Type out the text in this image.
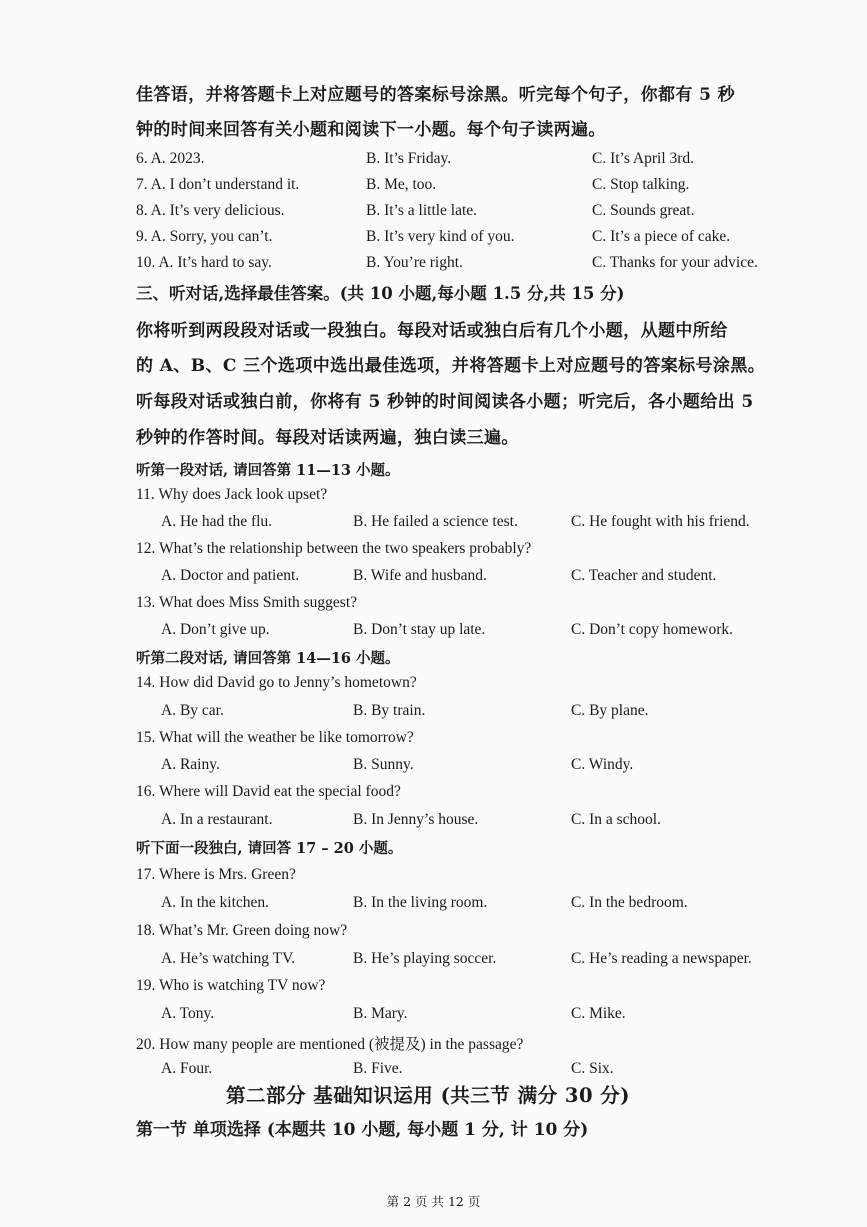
佳答语，并将答题卡上对应题号的答案标号涂黑。听完每个句子，你都有 5 秒
钟的时间来回答有关小题和阅读下一小题。每个句子读两遍。
6. A. 2023.	B. It’s Friday.	C. It’s April 3rd.
7. A. I don’t understand it.	B. Me, too.	C. Stop talking.
8. A. It’s very delicious.	B. It’s a little late.	C. Sounds great.
9. A. Sorry, you can’t.	B. It’s very kind of you.	C. It’s a piece of cake.
10. A. It’s hard to say.	B. You’re right.	C. Thanks for your advice.
三、听对话,选择最佳答案。(共 10 小题,每小题 1.5 分,共 15 分)
你将听到两段段对话或一段独白。每段对话或独白后有几个小题，从题中所给
的 A、B、C 三个选项中选出最佳选项，并将答题卡上对应题号的答案标号涂黑。
听每段对话或独白前，你将有 5 秒钟的时间阅读各小题；听完后，各小题给出 5
秒钟的作答时间。每段对话读两遍，独白读三遍。
听第一段对话, 请回答第 11—13 小题。
11. Why does Jack look upset?
A. He had the flu.	B. He failed a science test.	C. He fought with his friend.
12. What’s the relationship between the two speakers probably?
A. Doctor and patient.	B. Wife and husband.	C. Teacher and student.
13. What does Miss Smith suggest?
A. Don’t give up.	B. Don’t stay up late.	C. Don’t copy homework.
听第二段对话, 请回答第 14—16 小题。
14. How did David go to Jenny’s hometown?
A. By car.	B. By train.	C. By plane.
15. What will the weather be like tomorrow?
A. Rainy.	B. Sunny.	C. Windy.
16. Where will David eat the special food?
A. In a restaurant.	B. In Jenny’s house.	C. In a school.
听下面一段独白, 请回答 17 – 20 小题。
17. Where is Mrs. Green?
A. In the kitchen.	B. In the living room.	C. In the bedroom.
18. What’s Mr. Green doing now?
A. He’s watching TV.	B. He’s playing soccer.	C. He’s reading a newspaper.
19. Who is watching TV now?
A. Tony.	B. Mary.	C. Mike.
20. How many people are mentioned (被提及) in the passage?
A. Four.	B. Five.	C. Six.
第二部分 基础知识运用 (共三节 满分 30 分)
第一节 单项选择 (本题共 10 小题, 每小题 1 分, 计 10 分)
第 2 页 共 12 页
